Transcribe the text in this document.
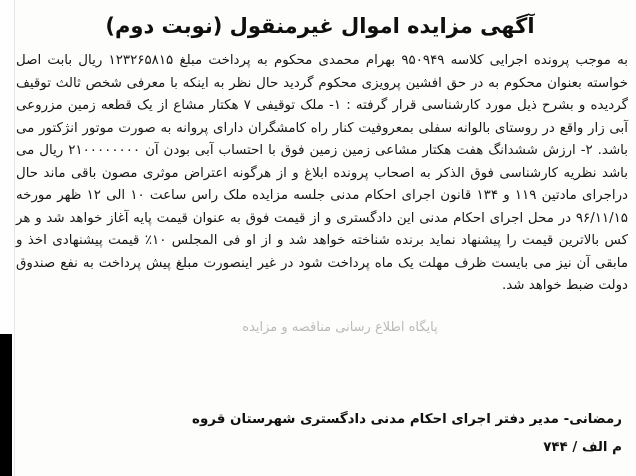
آگهی مزایده اموال غیرمنقول (نوبت دوم)

به موجب پرونده اجرایی کلاسه ۹۵۰۹۴۹ بهرام محمدی محکوم به پرداخت مبلغ ۱۲۳۲۶۵۸۱۵ ریال بابت اصل خواسته بعنوان محکوم به در حق افشین پرویزی محکوم گردید حال نظر به اینکه با معرفی شخص ثالث توقیف گردیده و بشرح ذیل مورد کارشناسی قرار گرفته : ۱- ملک توقیفی ۷ هکتار مشاع از یک قطعه زمین مزروعی آبی زار واقع در روستای بالوانه سفلی بمعروفیت کنار راه کامشگران دارای پروانه به صورت موتور انژکتور می باشد. ۲- ارزش ششدانگ هفت هکتار مشاعی زمین زمین فوق با احتساب آبی بودن آن ۲۱۰۰۰۰۰۰۰۰ ریال می باشد نظریه کارشناسی فوق الذکر به اصحاب پرونده ابلاغ و از هرگونه اعتراض موثری مصون باقی ماند حال دراجرای مادتین ۱۱۹ و ۱۳۴ قانون اجرای احکام مدنی جلسه مزایده ملک راس ساعت ۱۰ الی ۱۲ ظهر مورخه ۹۶/۱۱/۱۵ در محل اجرای احکام مدنی این دادگستری و از قیمت فوق به عنوان قیمت پایه آغاز خواهد شد و هر کس بالاترین قیمت را پیشنهاد نماید برنده شناخته خواهد شد و از او فی المجلس ۱۰٪ قیمت پیشنهادی اخذ و مابقی آن نیز می بایست ظرف مهلت یک ماه پرداخت شود در غیر اینصورت مبلغ پیش پرداخت به نفع صندوق دولت ضبط خواهد شد.

پایگاه اطلاع رسانی مناقصه و مزایده
رمضانی- مدیر دفتر اجرای احکام مدنی دادگستری شهرستان قروه
م الف / ۷۴۴
